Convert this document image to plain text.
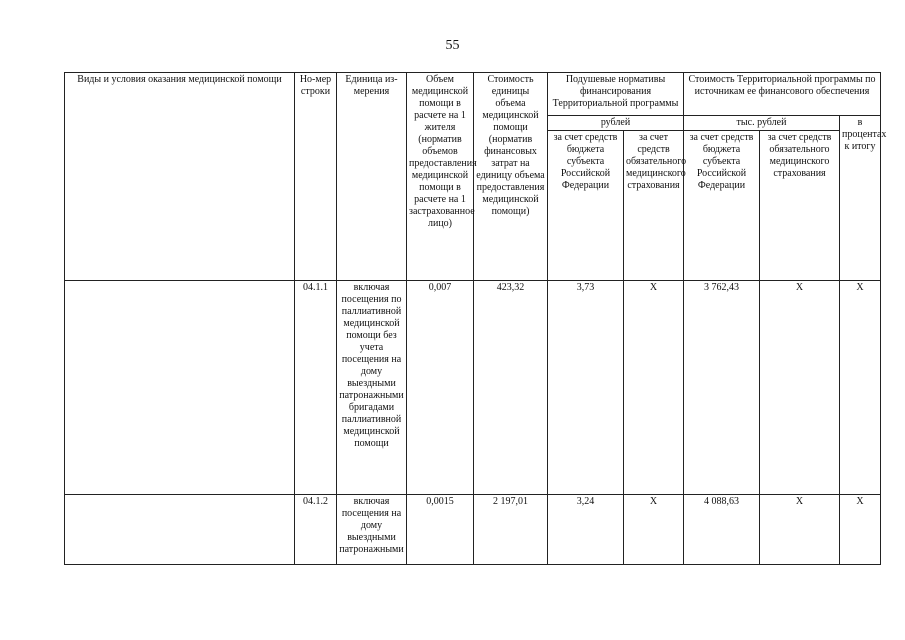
55
Виды и условия оказания медицинской помощи	Но-мер строки	Единица из-мерения	Объем медицинской помощи в расчете на 1 жителя (норматив объемов предоставления медицинской помощи в расчете на 1 застрахованное лицо)	Стоимость единицы объема медицинской помощи (норматив финансовых затрат на единицу объема предоставления медицинской помощи)	Подушевые нормативы финансирования Территориальной программы		Стоимость Территориальной программы по источникам ее финансового обеспечения		
					рублей		тыс. рублей		в процентах к итогу
					за счет средств бюджета субъекта Российской Федерации	за счет средств обязательного медицинского страхования	за счет средств бюджета субъекта Российской Федерации	за счет средств обязательного медицинского страхования	
	04.1.1	включая посещения по паллиативной медицинской помощи без учета посещения на дому выездными патронажными бригадами паллиативной медицинской помощи	0,007	423,32	3,73	Х	3 762,43	Х	Х
	04.1.2	включая посещения на дому выездными патронажными	0,0015	2 197,01	3,24	Х	4 088,63	Х	Х
